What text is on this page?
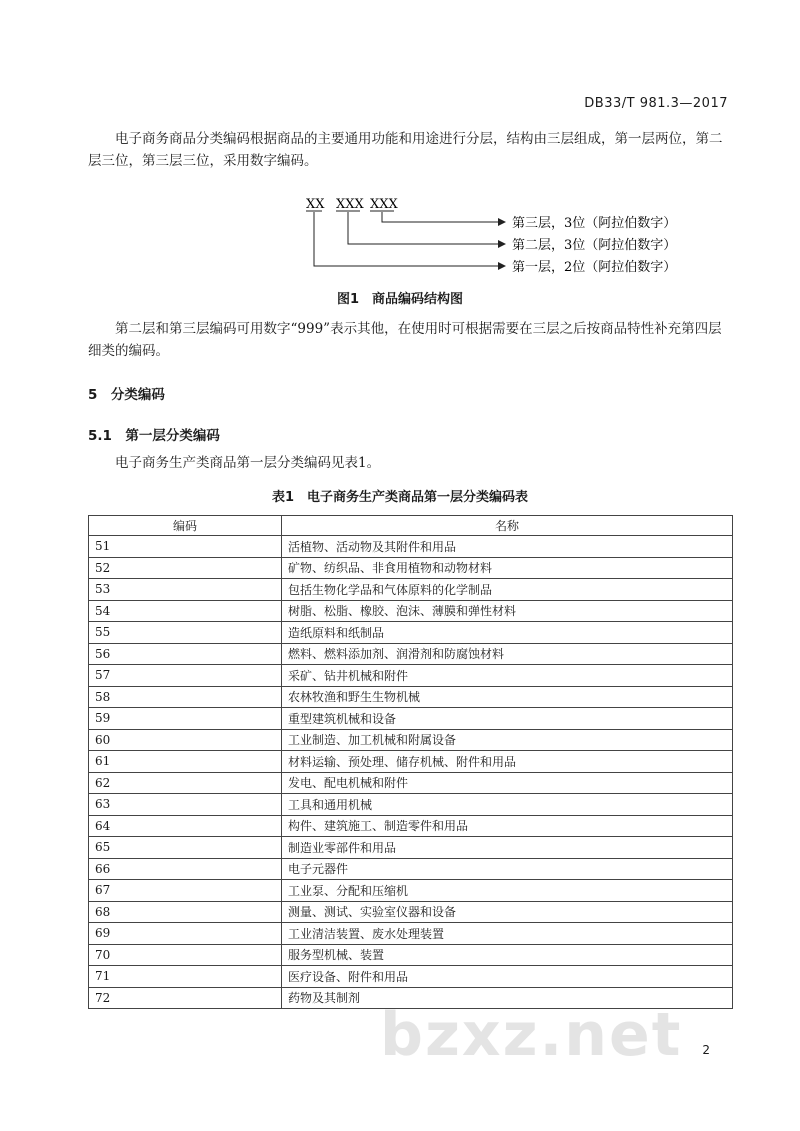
DB33/T 981.3—2017
电子商务商品分类编码根据商品的主要通用功能和用途进行分层，结构由三层组成，第一层两位，第二层三位，第三层三位，采用数字编码。
XX XXX XXX
第三层，3位（阿拉伯数字）
第二层，3位（阿拉伯数字）
第一层，2位（阿拉伯数字）
图1　商品编码结构图
第二层和第三层编码可用数字“999”表示其他，在使用时可根据需要在三层之后按商品特性补充第四层细类的编码。
5　分类编码
5.1　第一层分类编码
电子商务生产类商品第一层分类编码见表1。
表1　电子商务生产类商品第一层分类编码表
编码	名称
51	活植物、活动物及其附件和用品
52	矿物、纺织品、非食用植物和动物材料
53	包括生物化学品和气体原料的化学制品
54	树脂、松脂、橡胶、泡沫、薄膜和弹性材料
55	造纸原料和纸制品
56	燃料、燃料添加剂、润滑剂和防腐蚀材料
57	采矿、钻井机械和附件
58	农林牧渔和野生生物机械
59	重型建筑机械和设备
60	工业制造、加工机械和附属设备
61	材料运输、预处理、储存机械、附件和用品
62	发电、配电机械和附件
63	工具和通用机械
64	构件、建筑施工、制造零件和用品
65	制造业零部件和用品
66	电子元器件
67	工业泵、分配和压缩机
68	测量、测试、实验室仪器和设备
69	工业清洁装置、废水处理装置
70	服务型机械、装置
71	医疗设备、附件和用品
72	药物及其制剂
2
bzxz.net
